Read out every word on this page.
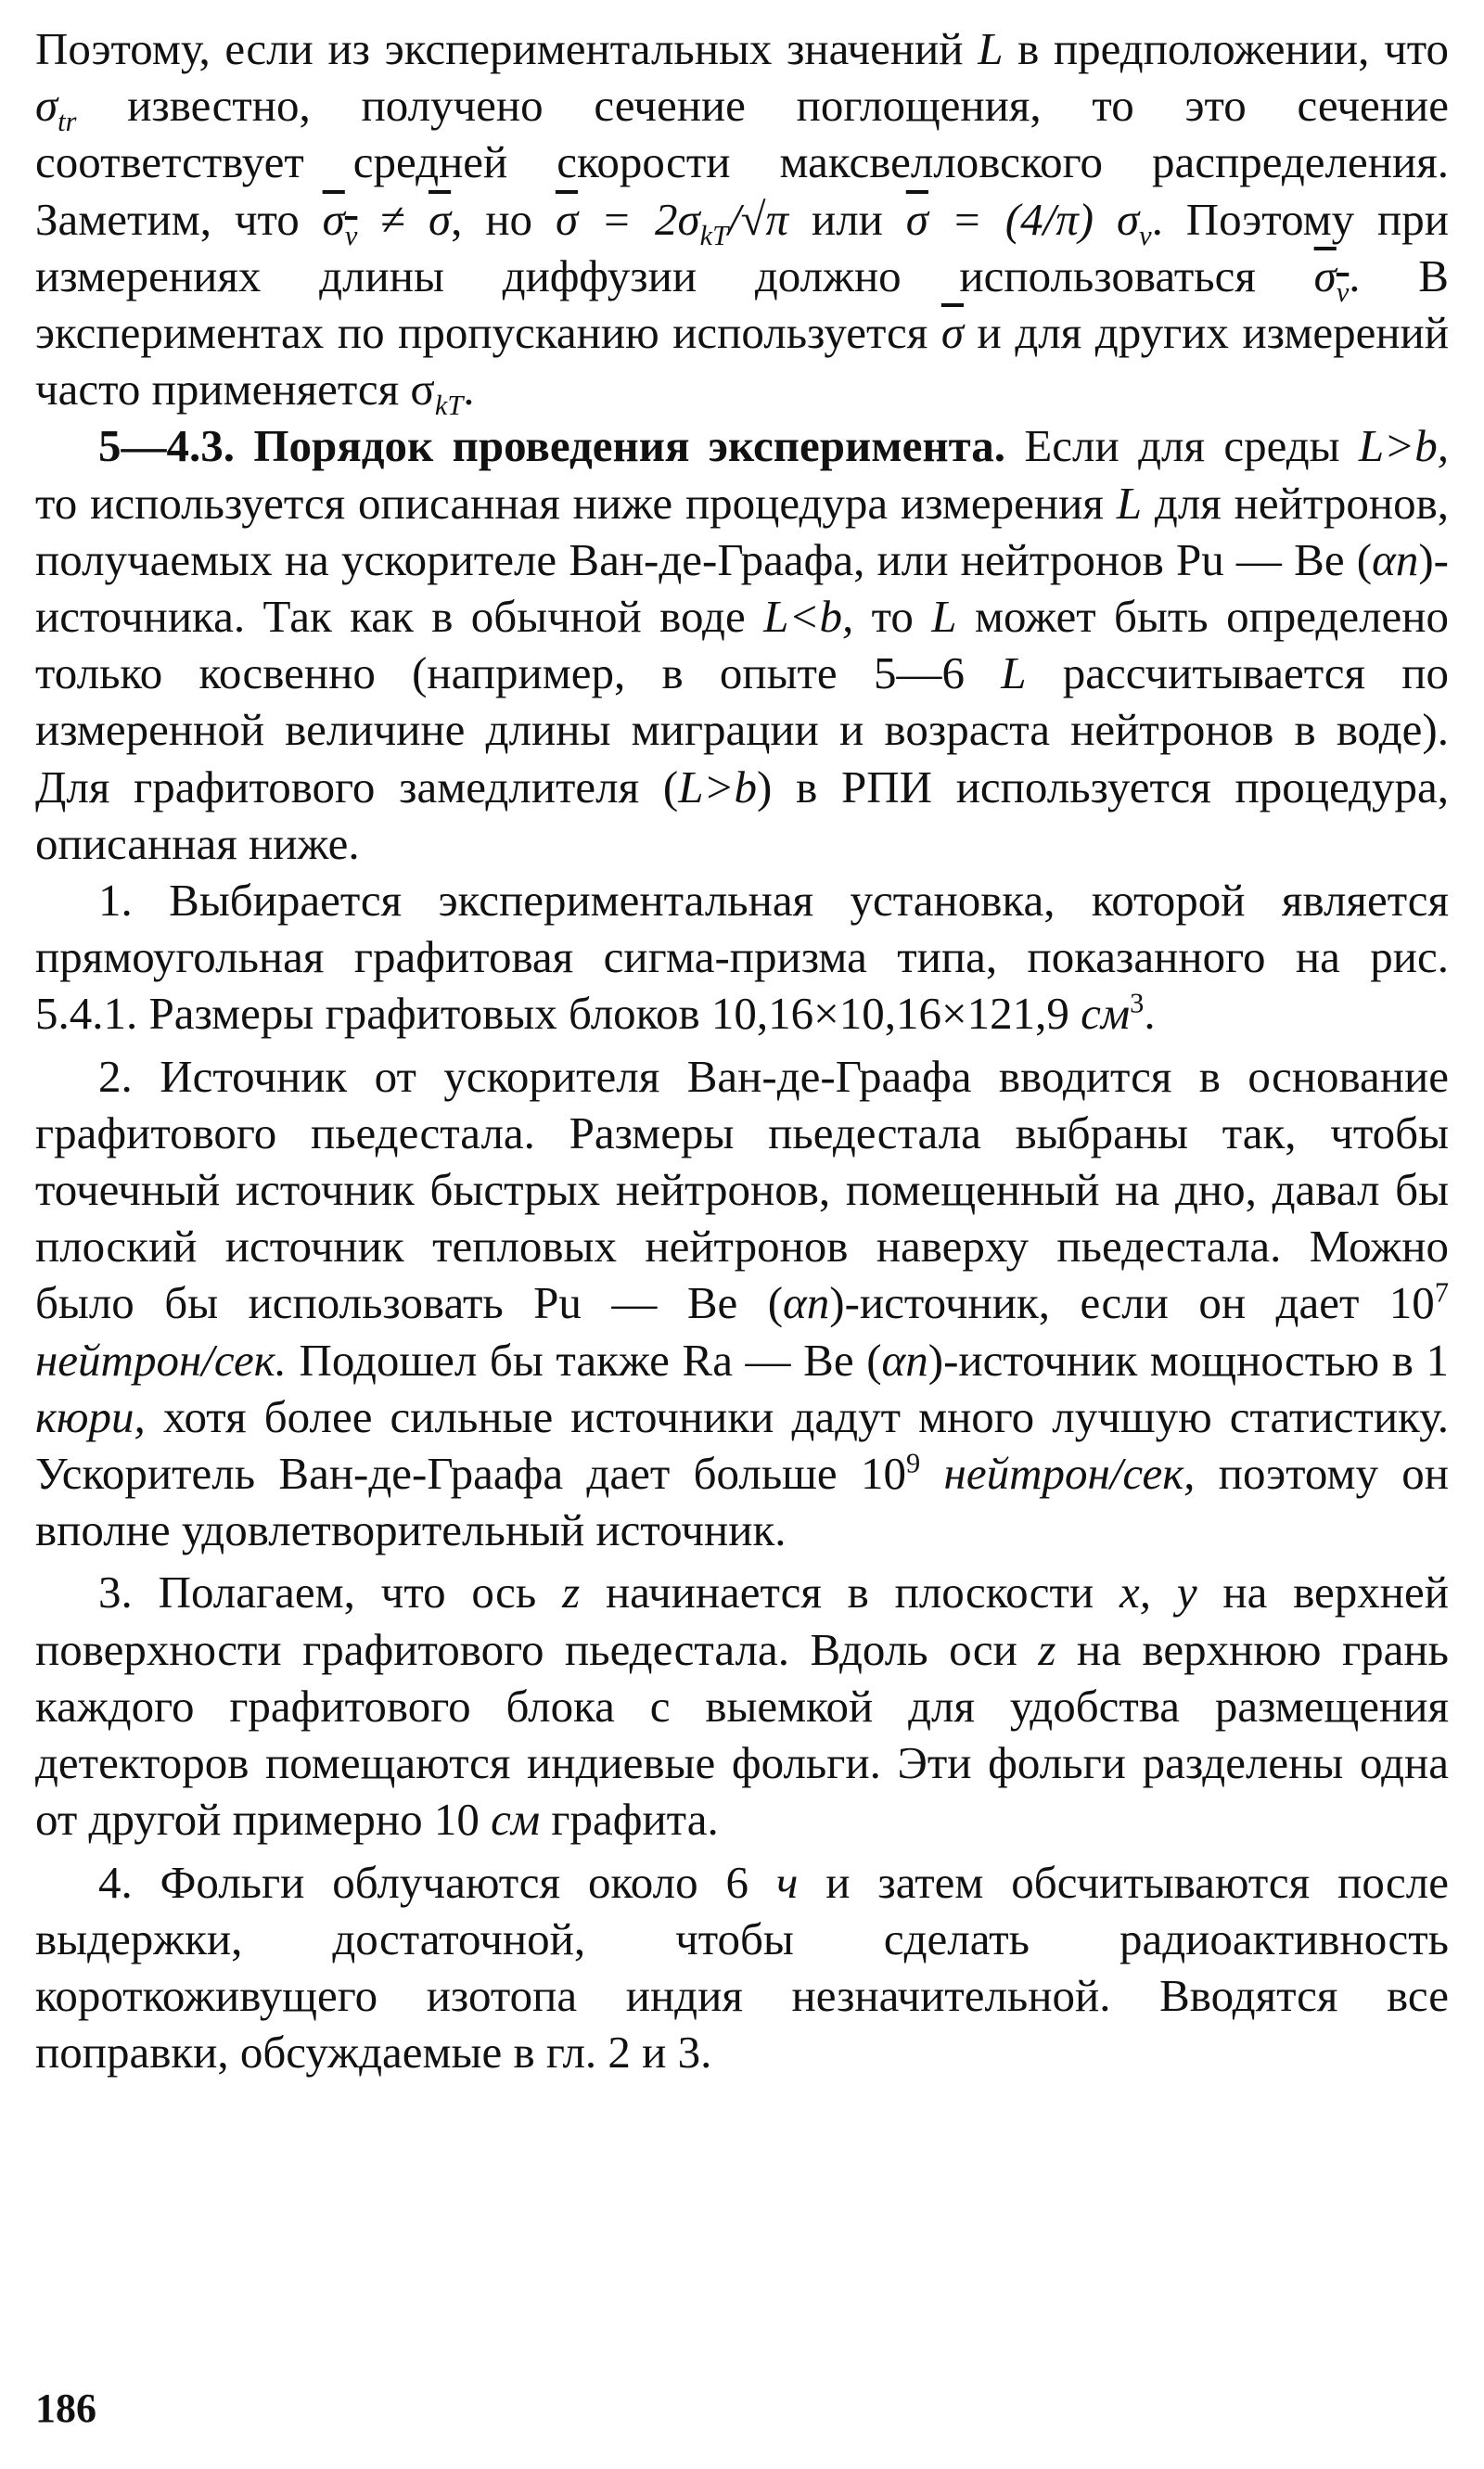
Поэтому, если из экспериментальных значений L в предположении, что $\sigma_{tr}$ известно, получено сечение поглощения, то это сечение соответствует средней скорости максвелловского распределения. Заметим, что $\sigma_v \ne \overline{\sigma}$, но $\overline{\sigma} = 2\sigma_{kT}/√\pi$ или $\overline{\sigma} = (4/\pi)$ $\sigma_v$. Поэтому при измерениях длины диффузии должно использоваться $\sigma_v$. В экспериментах по пропусканию используется $\overline{\sigma}$ и для других измерений часто применяется $\sigma_{kT}$.

5—4.3. Порядок проведения эксперимента. Если для среды L>b, то используется описанная ниже процедура измерения L для нейтронов, получаемых на ускорителе Ван-де-Граафа, или нейтронов Pu — Be (αn)-источника. Так как в обычной воде L<b, то L может быть определено только косвенно (например, в опыте 5—6 L рассчитывается по измеренной величине длины миграции и возраста нейтронов в воде). Для графитового замедлителя (L>b) в РПИ используется процедура, описанная ниже.

1. Выбирается экспериментальная установка, которой является прямоугольная графитовая сигма-призма типа, показанного на рис. 5.4.1. Размеры графитовых блоков 10,16×10,16×121,9 $см^3$.

2. Источник от ускорителя Ван-де-Граафа вводится в основание графитового пьедестала. Размеры пьедестала выбраны так, чтобы точечный источник быстрых нейтронов, помещенный на дно, давал бы плоский источник тепловых нейтронов наверху пьедестала. Можно было бы использовать Pu — Be (αn)-источник, если он дает $10^7$ нейтрон/сек. Подошел бы также Ra — Be (αn)-источник мощностью в 1 кюри, хотя более сильные источники дадут много лучшую статистику. Ускоритель Ван-де-Граафа дает больше $10^9$ нейтрон/сек, поэтому он вполне удовлетворительный источник.

3. Полагаем, что ось z начинается в плоскости x, y на верхней поверхности графитового пьедестала. Вдоль оси z на верхнюю грань каждого графитового блока с выемкой для удобства размещения детекторов помещаются индиевые фольги. Эти фольги разделены одна от другой примерно 10 см графита.

4. Фольги облучаются около 6 ч и затем обсчитываются после выдержки, достаточной, чтобы сделать радиоактивность короткоживущего изотопа индия незначительной. Вводятся все поправки, обсуждаемые в гл. 2 и 3.

186
